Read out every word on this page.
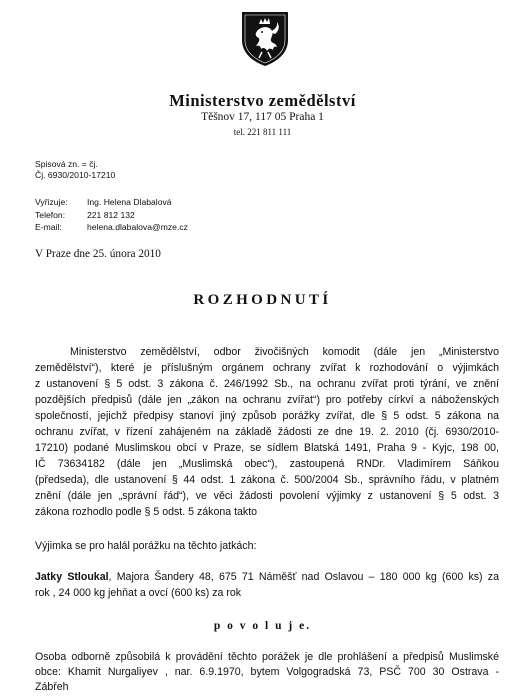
Ministerstvo zemědělství
Těšnov 17, 117 05 Praha 1
tel. 221 811 111
Spisová zn. = čj.
Čj. 6930/2010-17210
Vyřizuje: Ing. Helena Dlabalová
Telefon:	221 812 132
E-mail:	helena.dlabalova@mze.cz
V Praze dne 25. února 2010
ROZHODNUTÍ
Ministerstvo zemědělství, odbor živočišných komodit (dále jen „Ministerstvo
zemědělství“), které je příslušným orgánem ochrany zvířat k rozhodování o výjimkách
z ustanovení § 5 odst. 3 zákona č. 246/1992 Sb., na ochranu zvířat proti týrání, ve znění
pozdějších předpisů (dále jen „zákon na ochranu zvířat“) pro potřeby církví a náboženských
společností, jejichž předpisy stanoví jiný způsob porážky zvířat, dle § 5 odst. 5 zákona na
ochranu zvířat, v řízení zahájeném na základě žádosti ze dne 19. 2. 2010 (čj. 6930/2010-
17210) podané Muslimskou obcí v Praze, se sídlem Blatská 1491, Praha 9 - Kyjc, 198 00,
IČ 73634182 (dále jen „Muslimská obec“), zastoupená RNDr. Vladimírem Sáňkou
(předseda), dle ustanovení § 44 odst. 1 zákona č. 500/2004 Sb., správního řádu, v platném
znění (dále jen „správní řád“), ve věci žádosti povolení výjimky z ustanovení § 5 odst. 3
zákona rozhodlo podle § 5 odst. 5 zákona takto
Výjimka se pro halál porážku na těchto jatkách:
Jatky Stloukal, Majora Šandery 48, 675 71 Náměšť nad Oslavou – 180 000 kg (600 ks) za
rok , 24 000 kg jehňat a ovcí (600 ks) za rok
p o v o l u j e.
Osoba odborně způsobilá k provádění těchto porážek je dle prohlášení a předpisů Muslimské
obce: Khamit Nurgaliyev , nar. 6.9.1970, bytem Volgogradská 73, PSČ 700 30 Ostrava -
Zábřeh
